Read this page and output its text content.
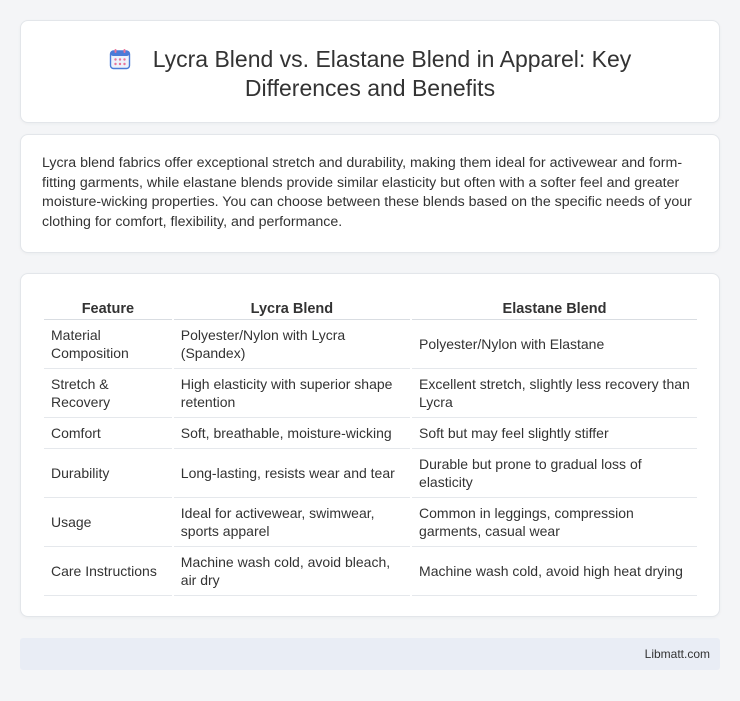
Lycra Blend vs. Elastane Blend in Apparel: Key Differences and Benefits

Lycra blend fabrics offer exceptional stretch and durability, making them ideal for activewear and form-fitting garments, while elastane blends provide similar elasticity but often with a softer feel and greater moisture-wicking properties. You can choose between these blends based on the specific needs of your clothing for comfort, flexibility, and performance.

Feature	Lycra Blend	Elastane Blend
Material Composition	Polyester/Nylon with Lycra (Spandex)	Polyester/Nylon with Elastane
Stretch & Recovery	High elasticity with superior shape retention	Excellent stretch, slightly less recovery than Lycra
Comfort	Soft, breathable, moisture-wicking	Soft but may feel slightly stiffer
Durability	Long-lasting, resists wear and tear	Durable but prone to gradual loss of elasticity
Usage	Ideal for activewear, swimwear, sports apparel	Common in leggings, compression garments, casual wear
Care Instructions	Machine wash cold, avoid bleach, air dry	Machine wash cold, avoid high heat drying
Libmatt.com
